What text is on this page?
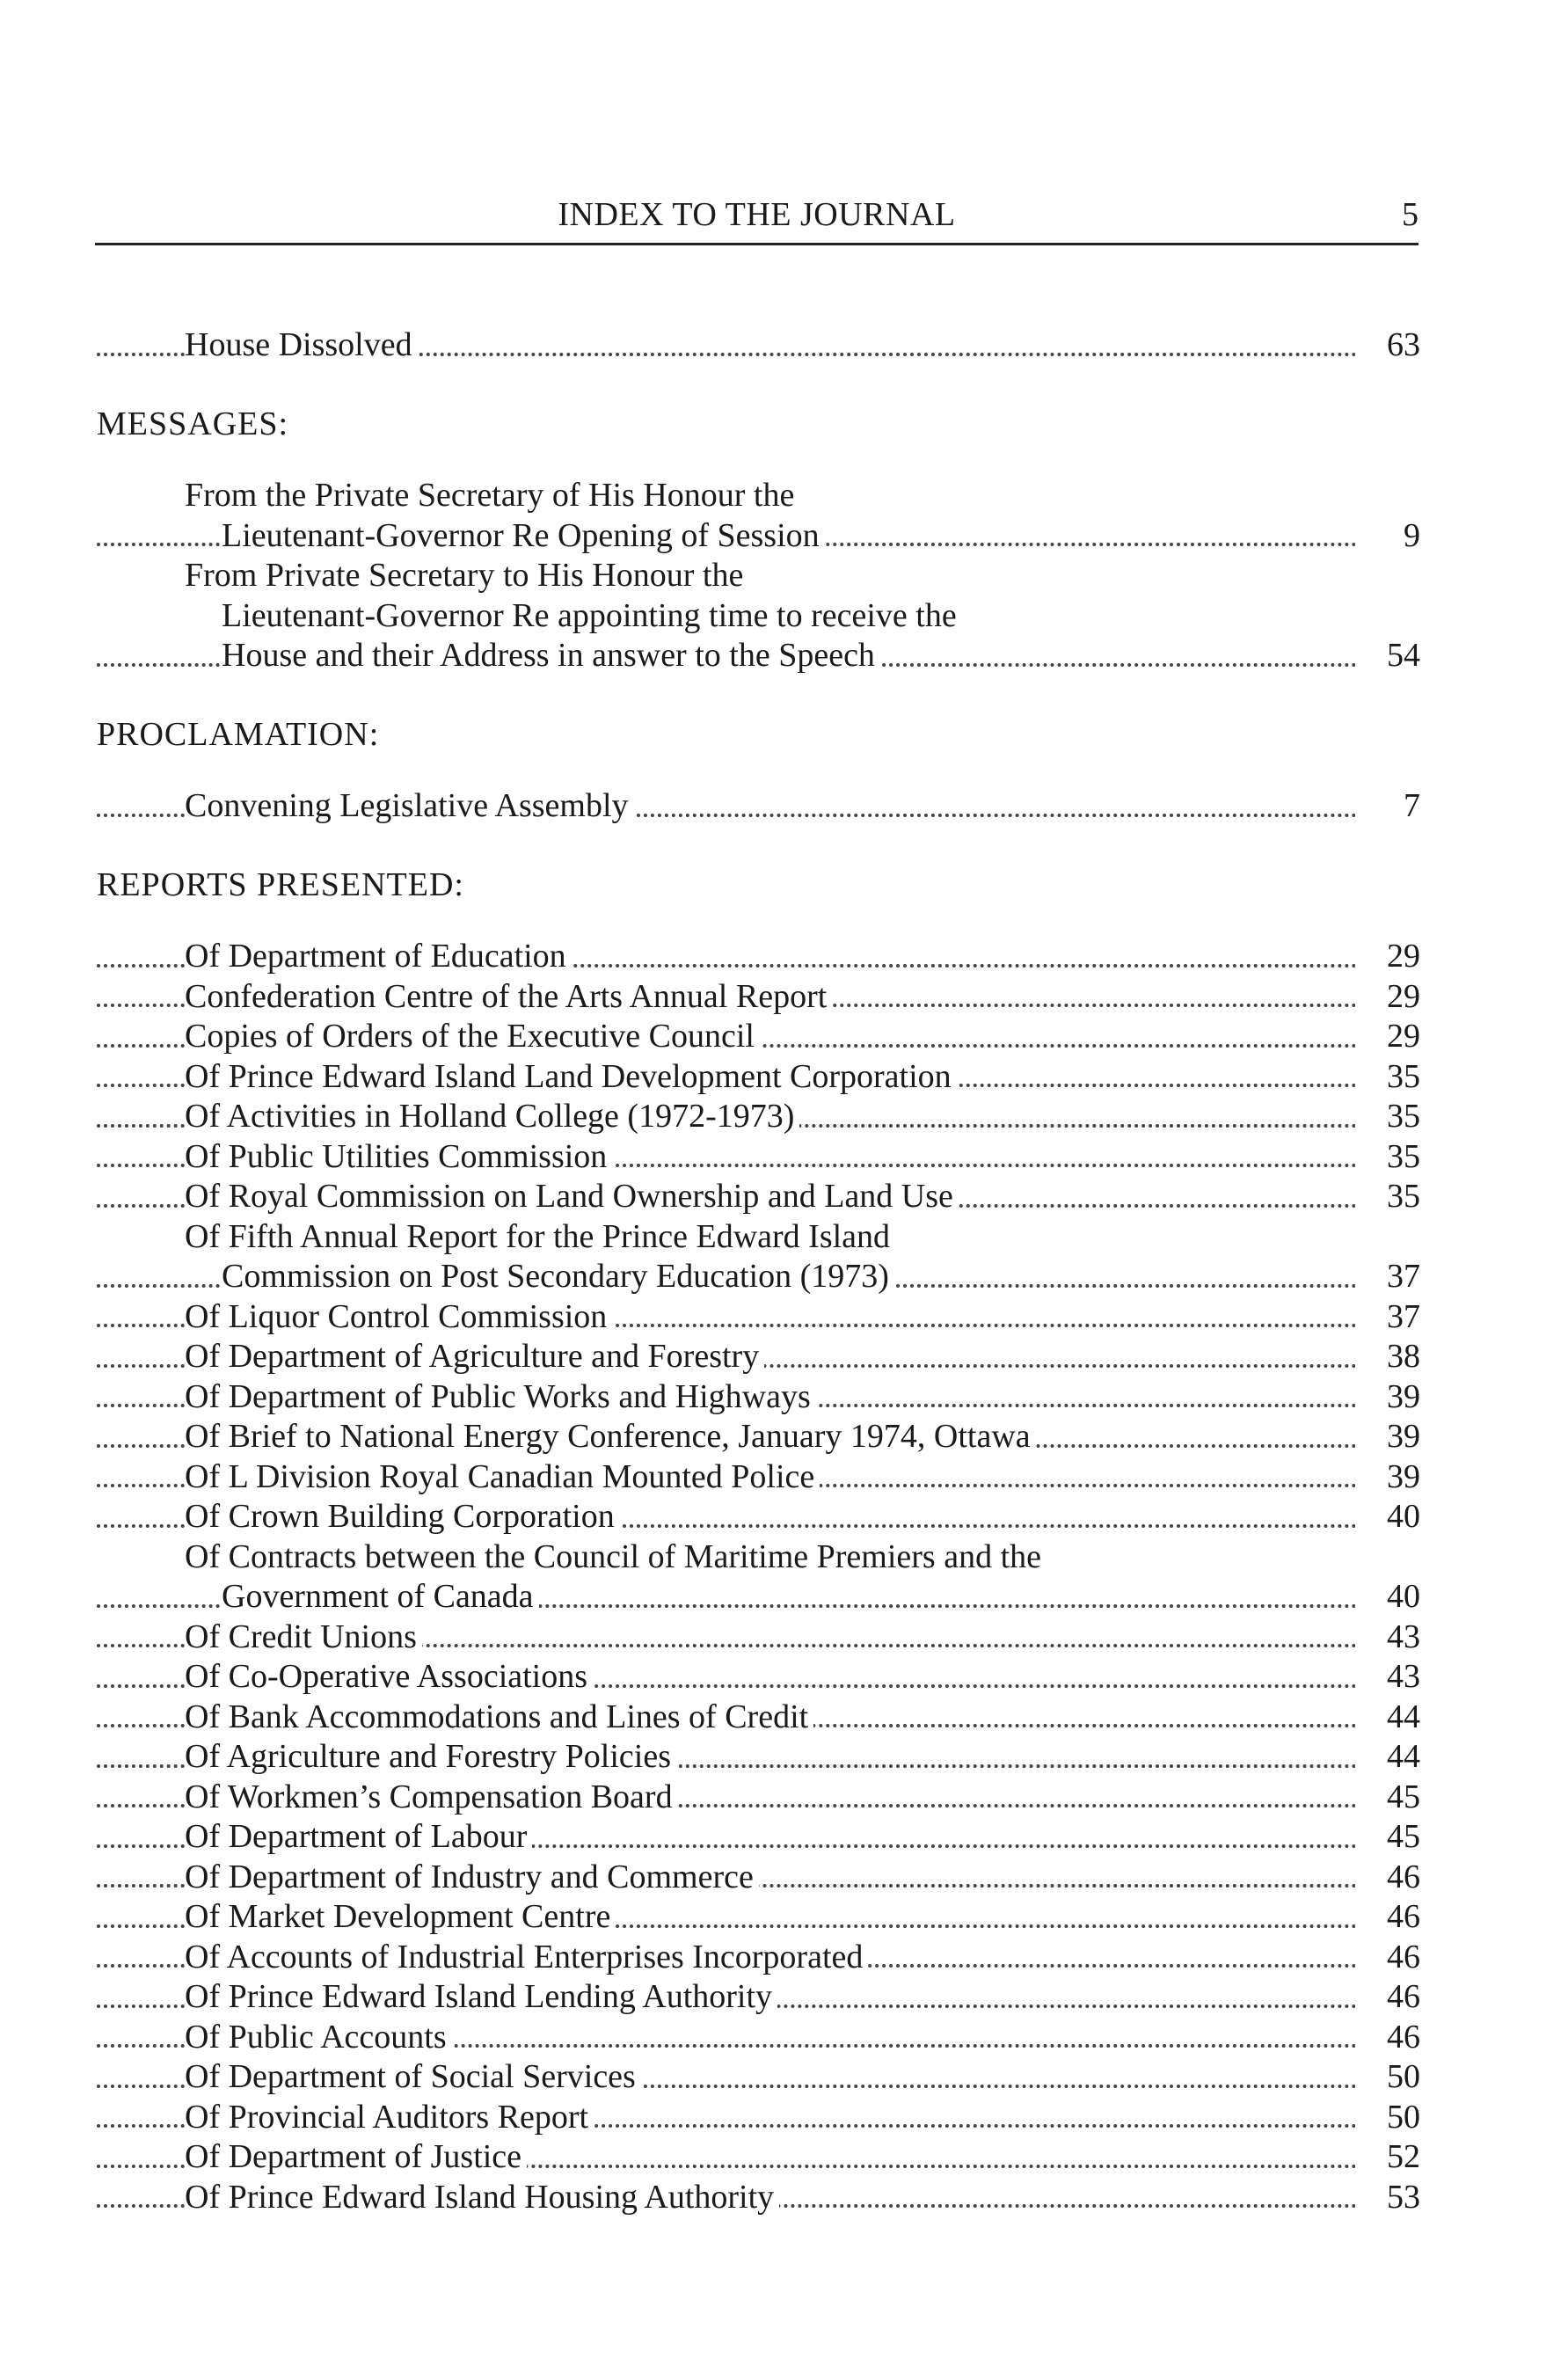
INDEX TO THE JOURNAL	5
House Dissolved	63
MESSAGES:
From the Private Secretary of His Honour the
Lieutenant-Governor Re Opening of Session	9
From Private Secretary to His Honour the
Lieutenant-Governor Re appointing time to receive the
House and their Address in answer to the Speech	54
PROCLAMATION:
Convening Legislative Assembly	7
REPORTS PRESENTED:
Of Department of Education	29
Confederation Centre of the Arts Annual Report	29
Copies of Orders of the Executive Council	29
Of Prince Edward Island Land Development Corporation	35
Of Activities in Holland College (1972-1973)	35
Of Public Utilities Commission	35
Of Royal Commission on Land Ownership and Land Use	35
Of Fifth Annual Report for the Prince Edward Island
Commission on Post Secondary Education (1973)	37
Of Liquor Control Commission	37
Of Department of Agriculture and Forestry	38
Of Department of Public Works and Highways	39
Of Brief to National Energy Conference, January 1974, Ottawa	39
Of L Division Royal Canadian Mounted Police	39
Of Crown Building Corporation	40
Of Contracts between the Council of Maritime Premiers and the
Government of Canada	40
Of Credit Unions	43
Of Co-Operative Associations	43
Of Bank Accommodations and Lines of Credit	44
Of Agriculture and Forestry Policies	44
Of Workmen’s Compensation Board	45
Of Department of Labour	45
Of Department of Industry and Commerce	46
Of Market Development Centre	46
Of Accounts of Industrial Enterprises Incorporated	46
Of Prince Edward Island Lending Authority	46
Of Public Accounts	46
Of Department of Social Services	50
Of Provincial Auditors Report	50
Of Department of Justice	52
Of Prince Edward Island Housing Authority	53
